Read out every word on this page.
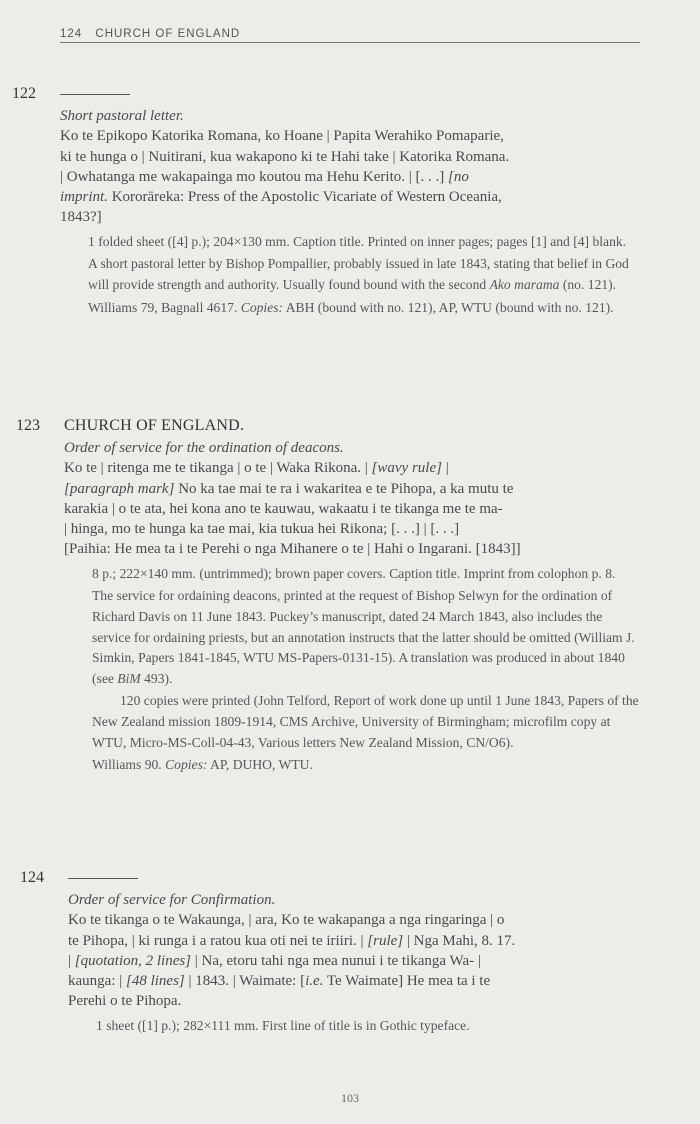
124 CHURCH OF ENGLAND
122

Short pastoral letter.

Ko te Epikopo Katorika Romana, ko Hoane | Papita Werahiko Pomaparie,
ki te hunga o | Nuitirani, kua wakapono ki te Hahi take | Katorika Romana.
| Owhatanga me wakapainga mo koutou ma Hehu Kerito. | [. . .] [no
imprint. Kororāreka: Press of the Apostolic Vicariate of Western Oceania,
1843?]

1 folded sheet ([4] p.); 204×130 mm. Caption title. Printed on inner pages; pages [1] and [4] blank.

A short pastoral letter by Bishop Pompallier, probably issued in late 1843, stating that belief in God will provide strength and authority. Usually found bound with the second Ako marama (no. 121).

Williams 79, Bagnall 4617. Copies: ABH (bound with no. 121), AP, WTU (bound with no. 121).

123 CHURCH OF ENGLAND.

Order of service for the ordination of deacons.

Ko te | ritenga me te tikanga | o te | Waka Rikona. | [wavy rule] |
[paragraph mark] No ka tae mai te ra i wakaritea e te Pihopa, a ka mutu te
karakia | o te ata, hei kona ano te kauwau, wakaatu i te tikanga me te ma-
| hinga, mo te hunga ka tae mai, kia tukua hei Rikona; [. . .] | [. . .]
[Paihia: He mea ta i te Perehi o nga Mihanere o te | Hahi o Ingarani. [1843]]

8 p.; 222×140 mm. (untrimmed); brown paper covers. Caption title. Imprint from colophon p. 8.

The service for ordaining deacons, printed at the request of Bishop Selwyn for the ordination of Richard Davis on 11 June 1843. Puckey’s manuscript, dated 24 March 1843, also includes the service for ordaining priests, but an annotation instructs that the latter should be omitted (William J. Simkin, Papers 1841-1845, WTU MS-Papers-0131-15). A translation was produced in about 1840 (see BiM 493).

120 copies were printed (John Telford, Report of work done up until 1 June 1843, Papers of the New Zealand mission 1809-1914, CMS Archive, University of Birmingham; microfilm copy at WTU, Micro-MS-Coll-04-43, Various letters New Zealand Mission, CN/O6).

Williams 90. Copies: AP, DUHO, WTU.

124

Order of service for Confirmation.

Ko te tikanga o te Wakaunga, | ara, Ko te wakapanga a nga ringaringa | o
te Pihopa, | ki runga i a ratou kua oti nei te iriiri. | [rule] | Nga Mahi, 8. 17.
| [quotation, 2 lines] | Na, etoru tahi nga mea nunui i te tikanga Wa- |
kaunga: | [48 lines] | 1843. | Waimate: [i.e. Te Waimate] He mea ta i te
Perehi o te Pihopa.

1 sheet ([1] p.); 282×111 mm. First line of title is in Gothic typeface.

103
